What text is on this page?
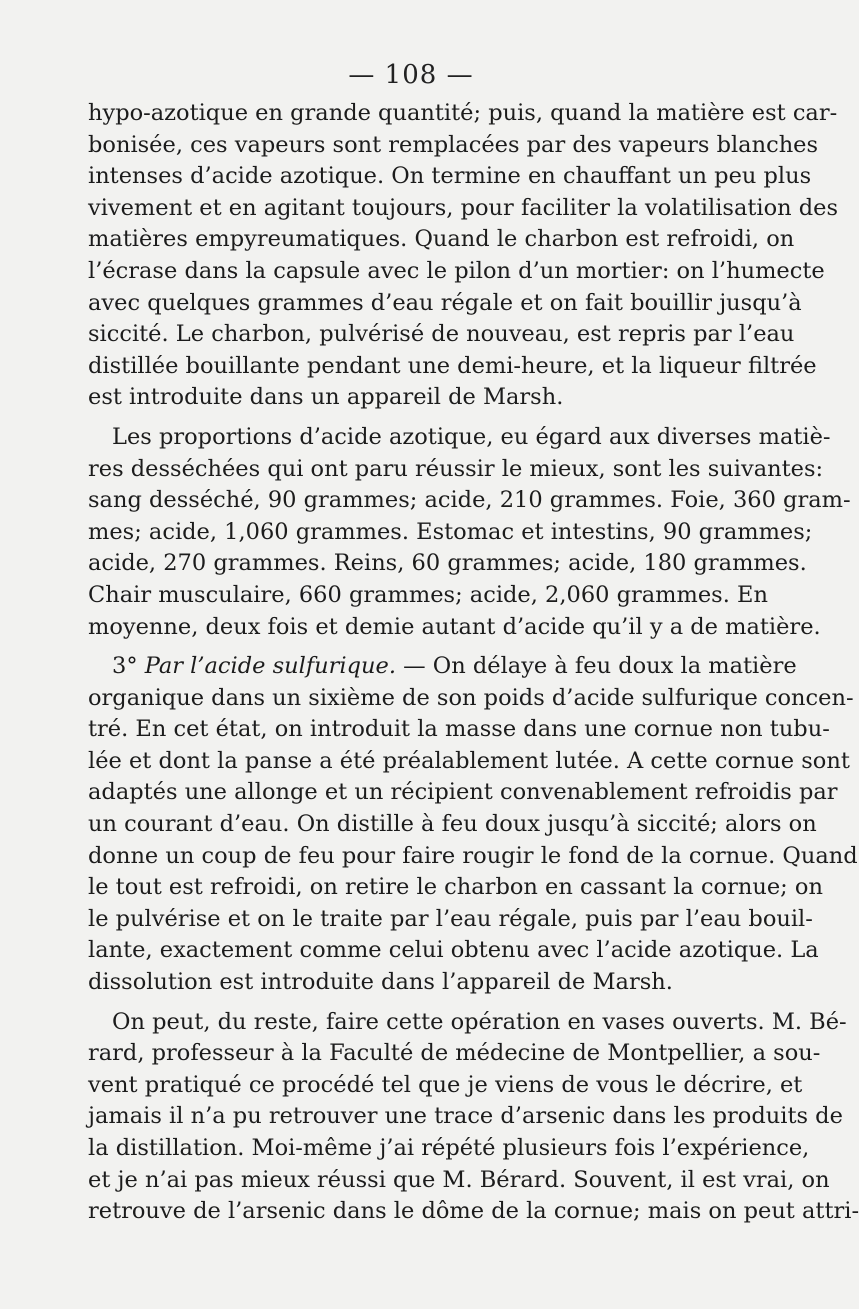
— 108 —
hypo-azotique en grande quantité; puis, quand la matière est car-
bonisée, ces vapeurs sont remplacées par des vapeurs blanches
intenses d’acide azotique. On termine en chauffant un peu plus
vivement et en agitant toujours, pour faciliter la volatilisation des
matières empyreumatiques. Quand le charbon est refroidi, on
l’écrase dans la capsule avec le pilon d’un mortier: on l’humecte
avec quelques grammes d’eau régale et on fait bouillir jusqu’à
siccité. Le charbon, pulvérisé de nouveau, est repris par l’eau
distillée bouillante pendant une demi-heure, et la liqueur filtrée
est introduite dans un appareil de Marsh.
Les proportions d’acide azotique, eu égard aux diverses matiè-
res desséchées qui ont paru réussir le mieux, sont les suivantes:
sang desséché, 90 grammes; acide, 210 grammes. Foie, 360 gram-
mes; acide, 1,060 grammes. Estomac et intestins, 90 grammes;
acide, 270 grammes. Reins, 60 grammes; acide, 180 grammes.
Chair musculaire, 660 grammes; acide, 2,060 grammes. En
moyenne, deux fois et demie autant d’acide qu’il y a de matière.
3° Par l’acide sulfurique. — On délaye à feu doux la matière
organique dans un sixième de son poids d’acide sulfurique concen-
tré. En cet état, on introduit la masse dans une cornue non tubu-
lée et dont la panse a été préalablement lutée. A cette cornue sont
adaptés une allonge et un récipient convenablement refroidis par
un courant d’eau. On distille à feu doux jusqu’à siccité; alors on
donne un coup de feu pour faire rougir le fond de la cornue. Quand
le tout est refroidi, on retire le charbon en cassant la cornue; on
le pulvérise et on le traite par l’eau régale, puis par l’eau bouil-
lante, exactement comme celui obtenu avec l’acide azotique. La
dissolution est introduite dans l’appareil de Marsh.
On peut, du reste, faire cette opération en vases ouverts. M. Bé-
rard, professeur à la Faculté de médecine de Montpellier, a sou-
vent pratiqué ce procédé tel que je viens de vous le décrire, et
jamais il n’a pu retrouver une trace d’arsenic dans les produits de
la distillation. Moi-même j’ai répété plusieurs fois l’expérience,
et je n’ai pas mieux réussi que M. Bérard. Souvent, il est vrai, on
retrouve de l’arsenic dans le dôme de la cornue; mais on peut attri-
